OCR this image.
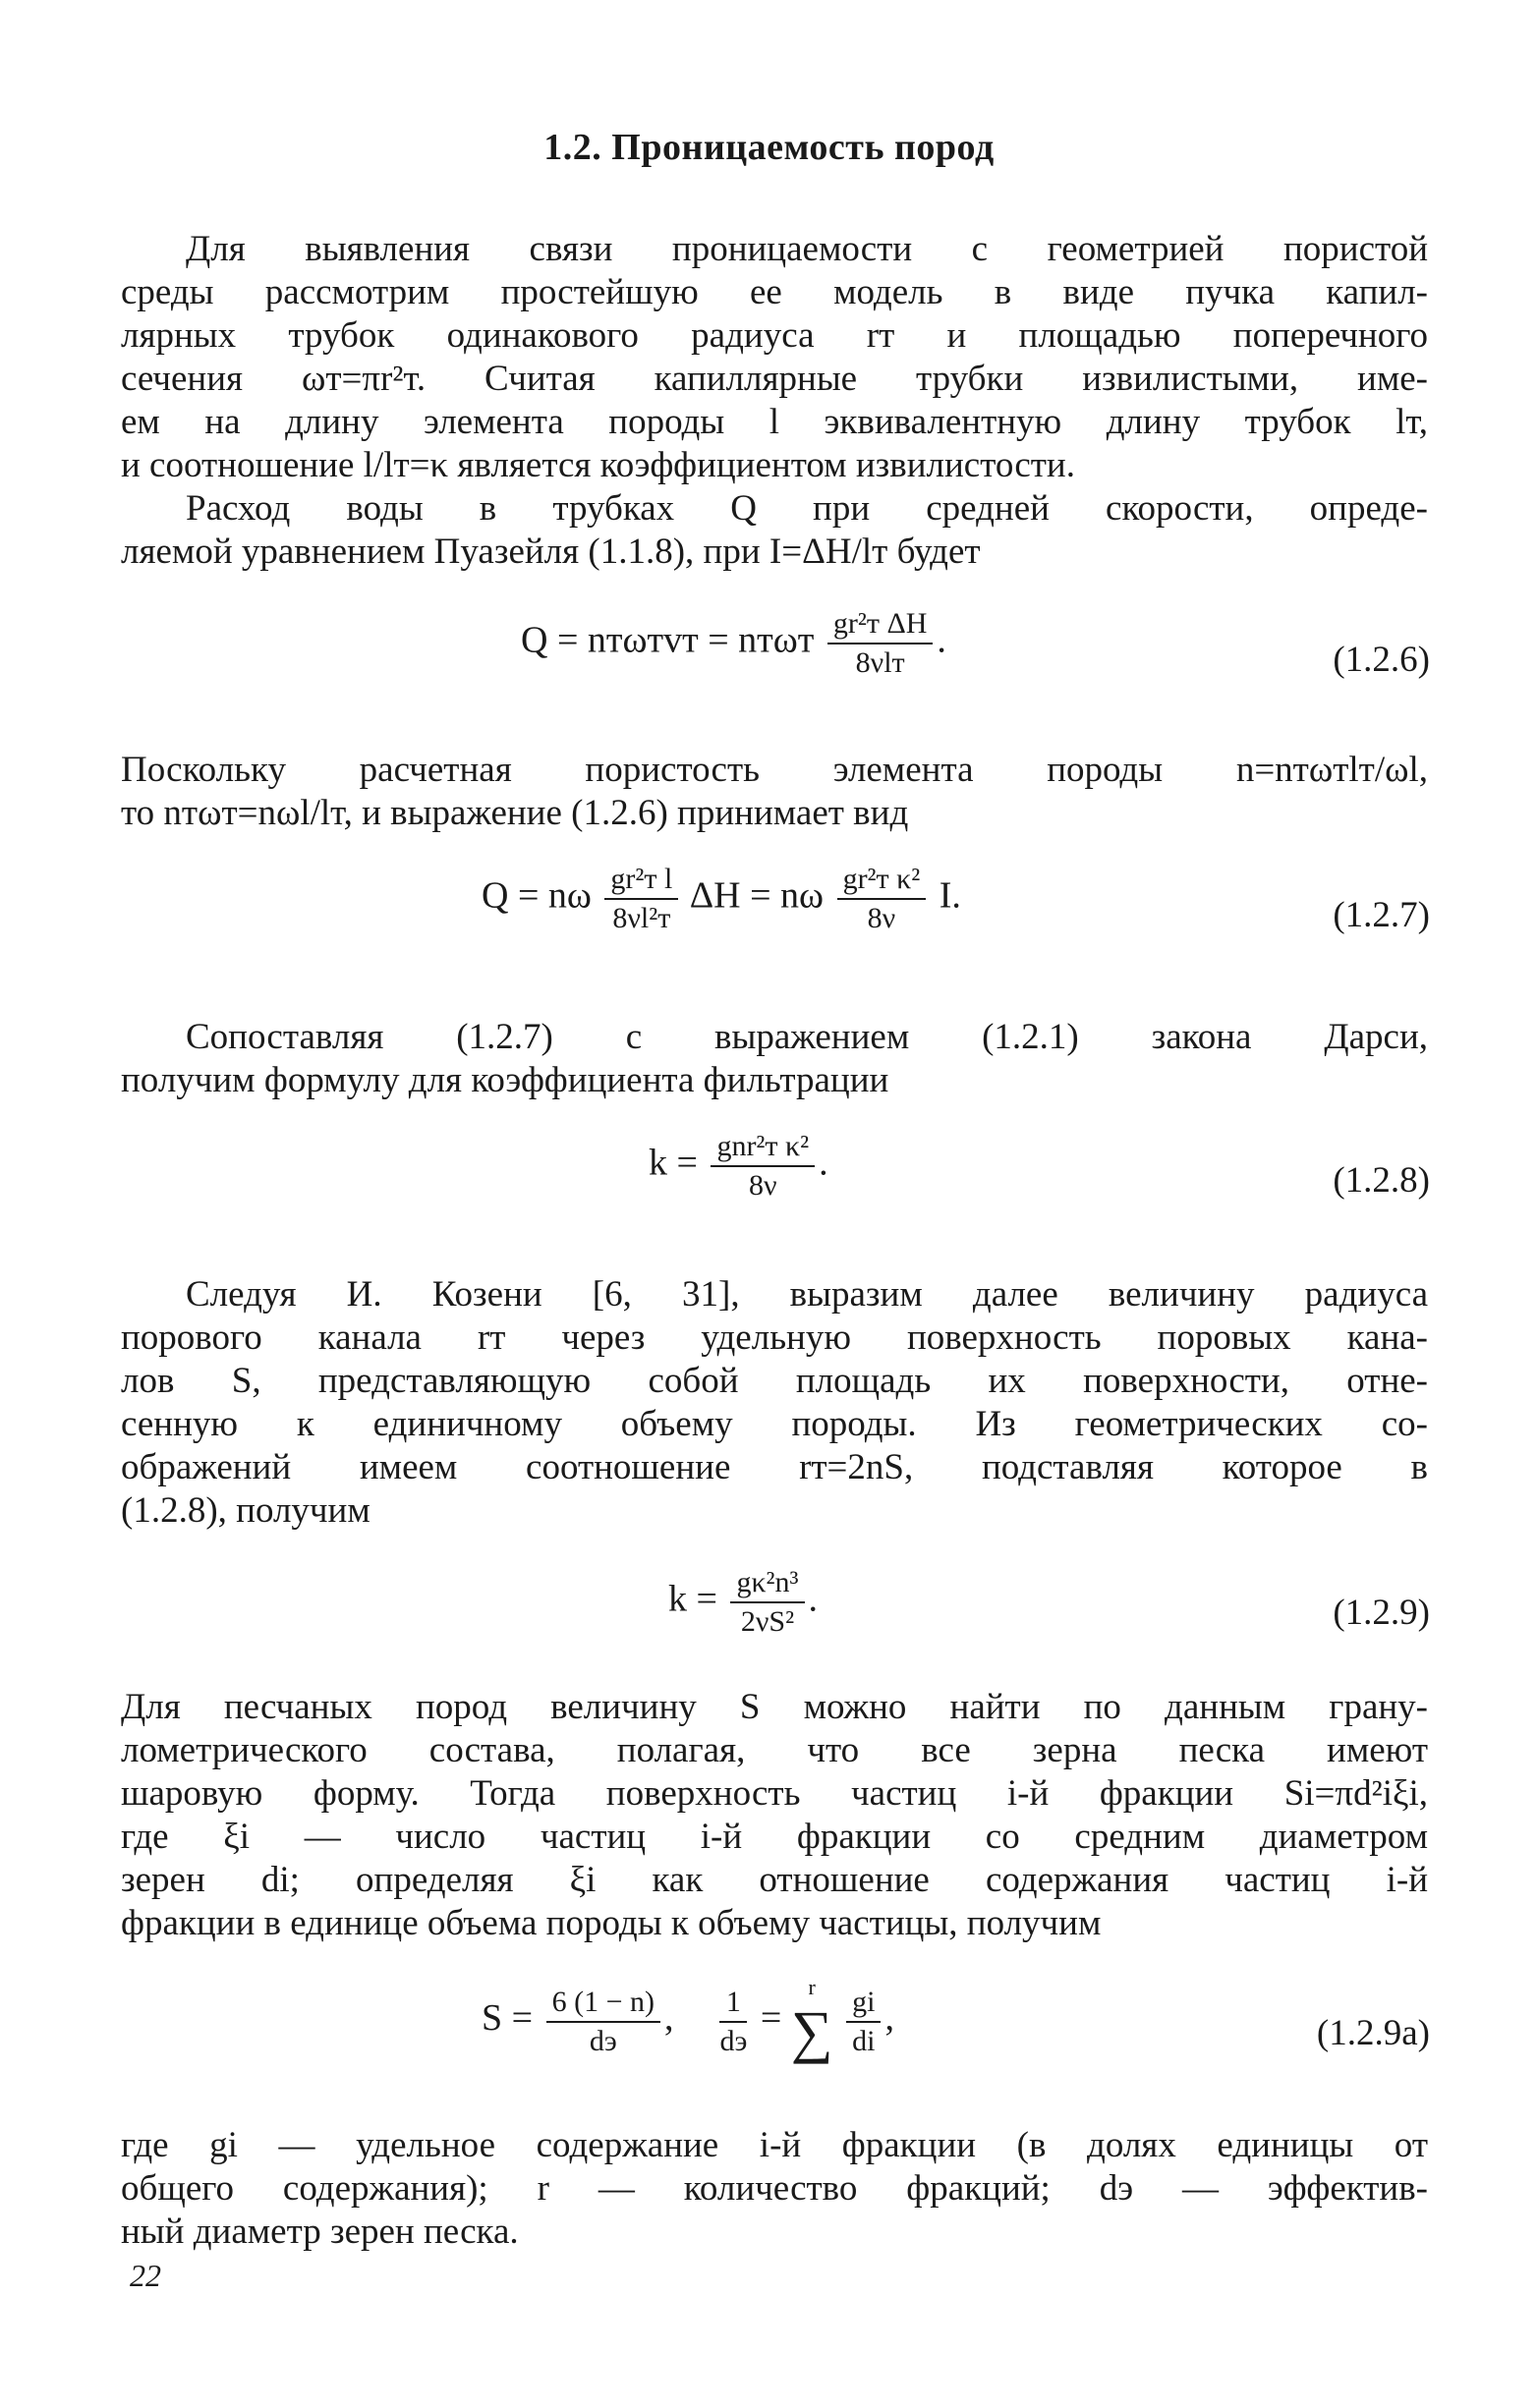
1.2. Проницаемость пород
Для выявления связи проницаемости с геометрией пористой
среды рассмотрим простейшую ее модель в виде пучка капил-
лярных трубок одинакового радиуса rт и площадью поперечного
сечения ωт=πr²т. Считая капиллярные трубки извилистыми, име-
ем на длину элемента породы l эквивалентную длину трубок lт,
и соотношение l/lт=κ является коэффициентом извилистости.
Расход воды в трубках Q при средней скорости, опреде-
ляемой уравнением Пуазейля (1.1.8), при I=ΔH/lт будет
Q = nтωтvт = nтωт $\frac{\text{gr²т ΔH}}{\text{8νlт}}$ .	(1.2.6)
Поскольку расчетная пористость элемента породы n=nтωтlт/ωl,
то nтωт=nωl/lт, и выражение (1.2.6) принимает вид
Q = nω $\frac{\text{gr²т l}}{\text{8νl²т}}$ ΔH = nω $\frac{\text{gr²т κ²}}{8\nu} I$.	(1.2.7)
Сопоставляя (1.2.7) с выражением (1.2.1) закона Дарси,
получим формулу для коэффициента фильтрации
$k = \frac{\text{gnr²т κ²}}{8\nu}$ .	(1.2.8)
Следуя И. Козени [6, 31], выразим далее величину радиуса
порового канала rт через удельную поверхность поровых кана-
лов S, представляющую собой площадь их поверхности, отне-
сенную к единичному объему породы. Из геометрических со-
ображений имеем соотношение rт=2nS, подставляя которое в
(1.2.8), получим
$k = \frac{\text{gκ²n³}}{\text{2νS²}}$ .	(1.2.9)
Для песчаных пород величину S можно найти по данным грану-
лометрического состава, полагая, что все зерна песка имеют
шаровую форму. Тогда поверхность частиц i-й фракции Si=πd²iξi,
где ξi — число частиц i-й фракции со средним диаметром
зерен di; определяя ξi как отношение содержания частиц i-й
фракции в единице объема породы к объему частицы, получим
$S = \frac{6 (1 - n)}{dэ}$ , $\frac{1}{dэ}$ =
r
∑ $\frac{gi}{di}$ ,	(1.2.9а)
где gi — удельное содержание i-й фракции (в долях единицы от
общего содержания); r — количество фракций; dэ — эффектив-
ный диаметр зерен песка.
22
